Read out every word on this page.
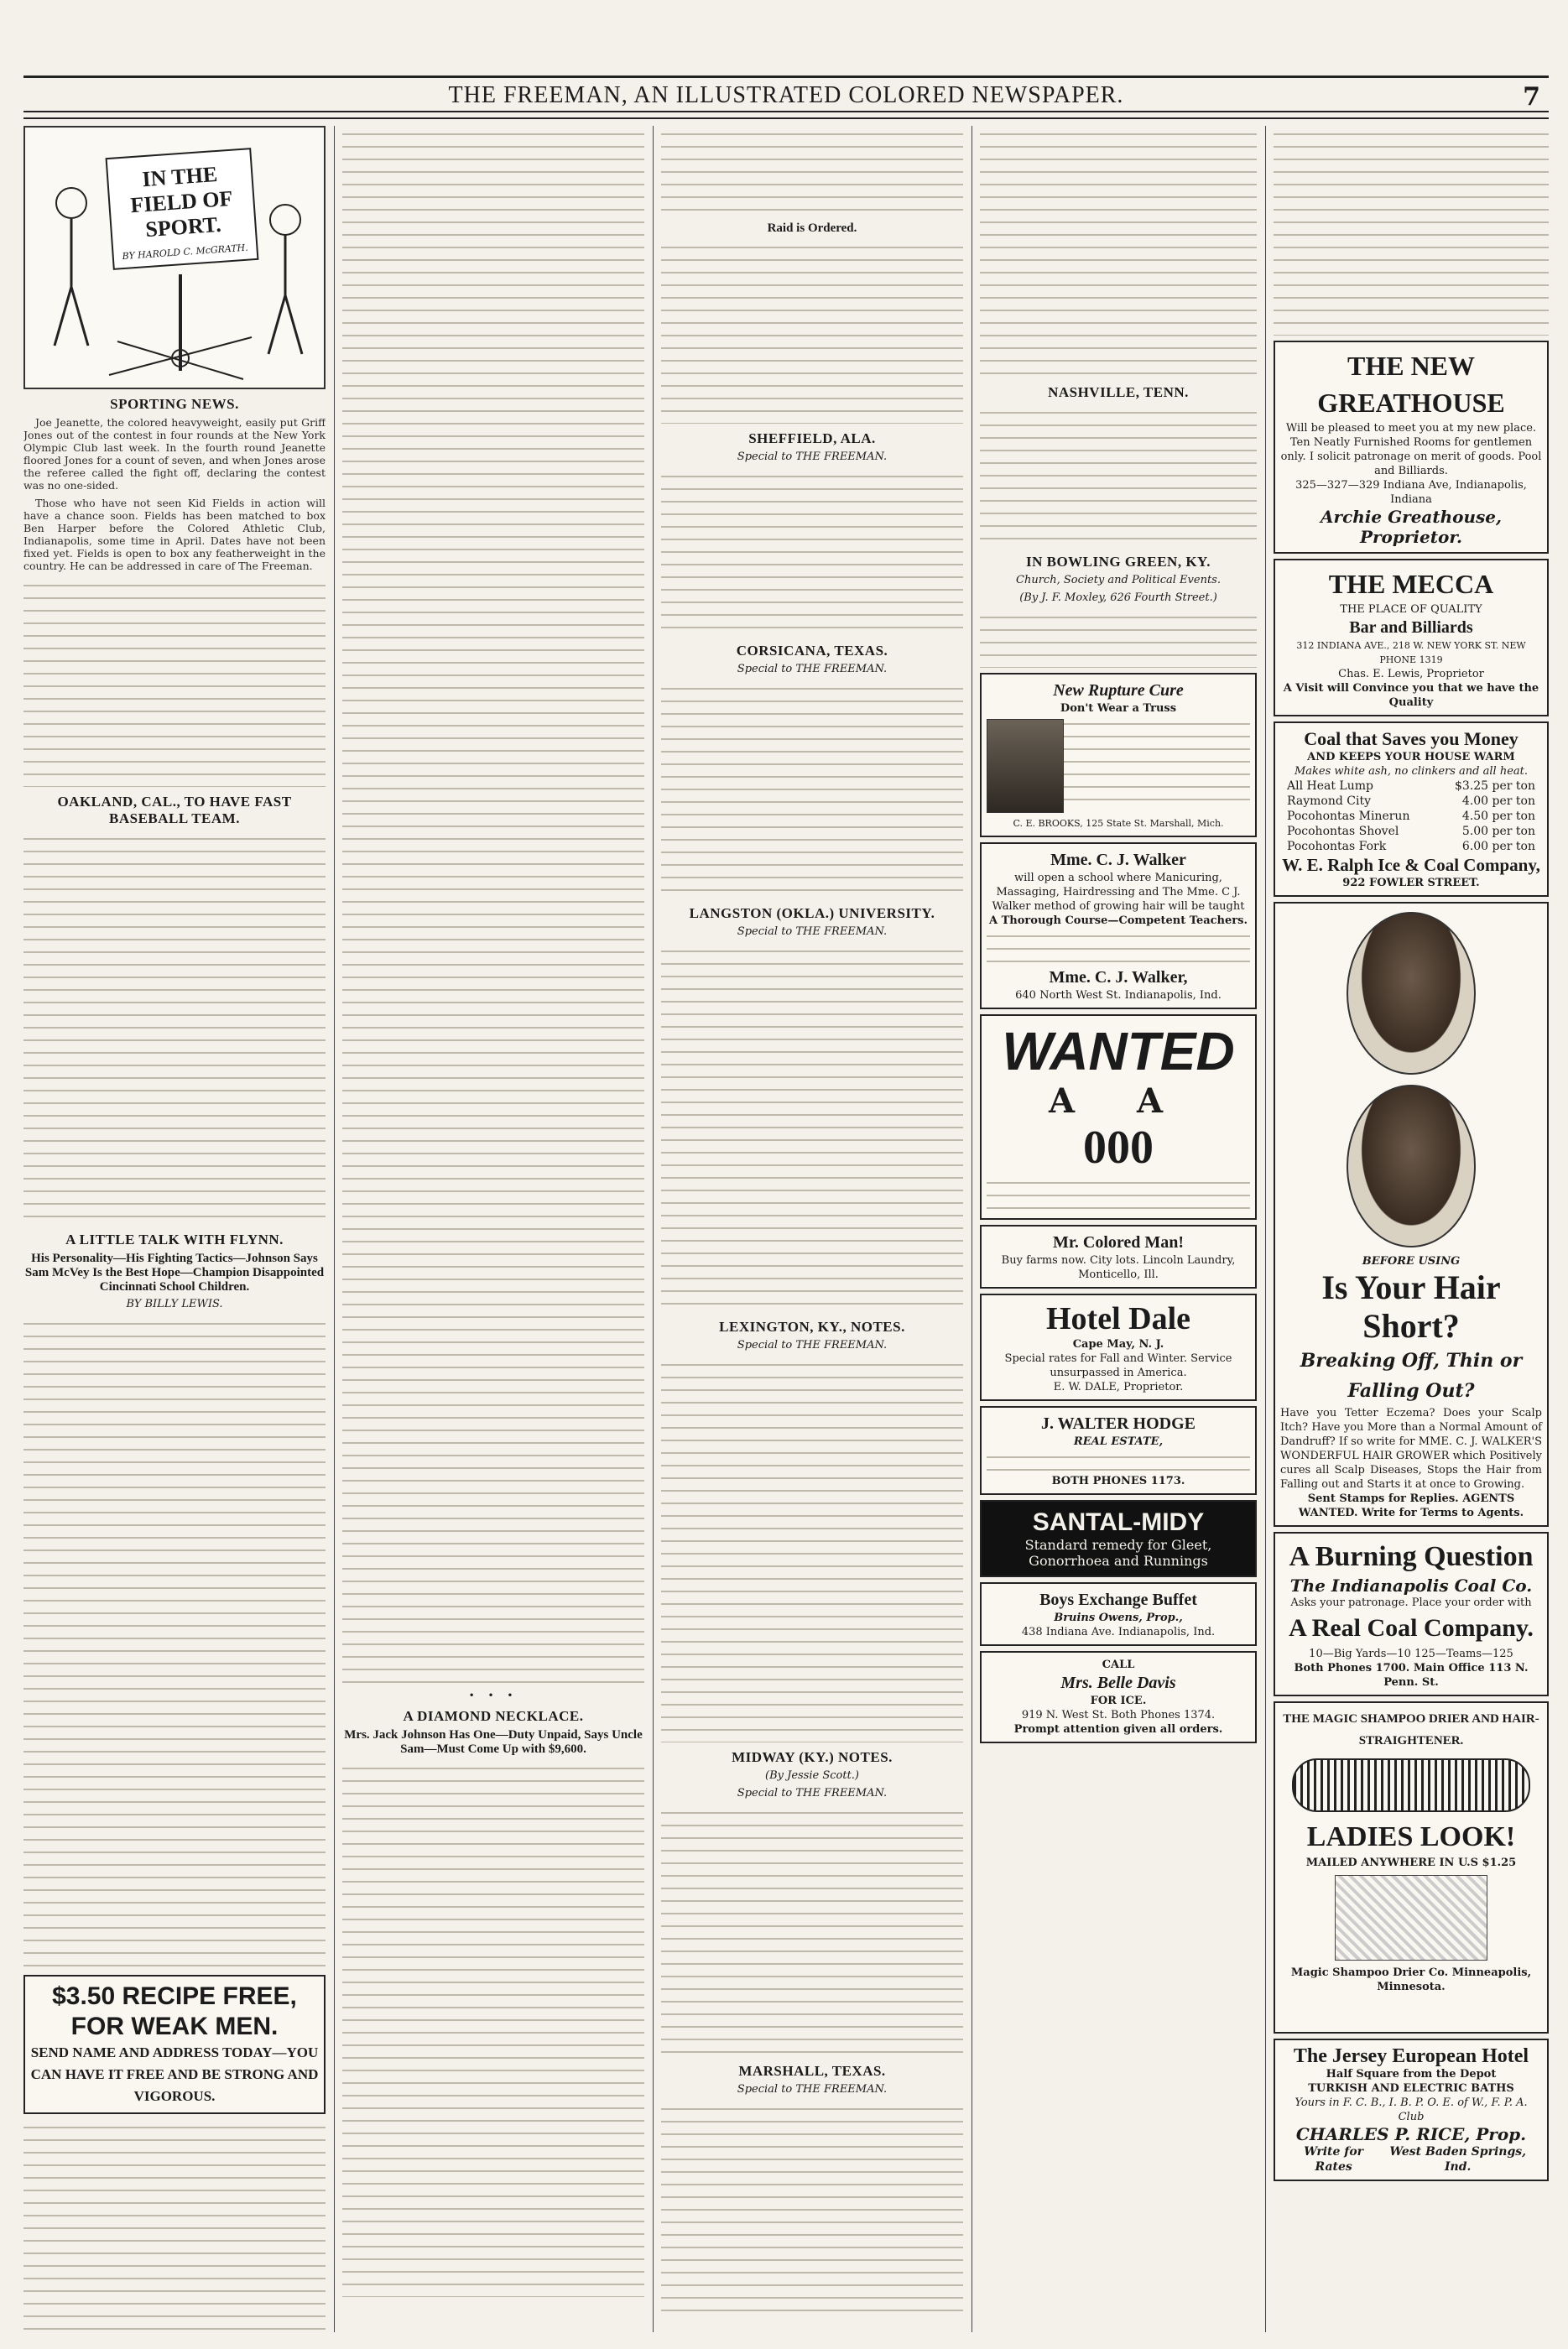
THE FREEMAN, AN ILLUSTRATED COLORED NEWSPAPER.	7
IN THE FIELD OF SPORT.
BY HAROLD C. McGRATH.
SPORTING NEWS.

Joe Jeanette, the colored heavyweight, easily put Griff Jones out of the contest in four rounds at the New York Olympic Club last week. In the fourth round Jeanette floored Jones for a count of seven, and when Jones arose the referee called the fight off, declaring the contest was no one-sided.

Those who have not seen Kid Fields in action will have a chance soon. Fields has been matched to box Ben Harper before the Colored Athletic Club, Indianapolis, some time in April. Dates have not been fixed yet. Fields is open to box any featherweight in the country. He can be addressed in care of The Freeman.

OAKLAND, CAL., TO HAVE FAST BASEBALL TEAM.
A LITTLE TALK WITH FLYNN.
His Personality—His Fighting Tactics—Johnson Says Sam McVey Is the Best Hope—Champion Disappointed Cincinnati School Children.
BY BILLY LEWIS.
$3.50 RECIPE FREE, FOR WEAK MEN.
SEND NAME AND ADDRESS TODAY—YOU CAN HAVE IT FREE AND BE STRONG AND VIGOROUS.
• • •
A DIAMOND NECKLACE.
Mrs. Jack Johnson Has One—Duty Unpaid, Says Uncle Sam—Must Come Up with $9,600.
Raid is Ordered.
SHEFFIELD, ALA.
Special to THE FREEMAN.
CORSICANA, TEXAS.
Special to THE FREEMAN.
LANGSTON (OKLA.) UNIVERSITY.
Special to THE FREEMAN.
LEXINGTON, KY., NOTES.
Special to THE FREEMAN.
MIDWAY (KY.) NOTES.
(By Jessie Scott.)
Special to THE FREEMAN.
MARSHALL, TEXAS.
Special to THE FREEMAN.
NASHVILLE, TENN.
IN BOWLING GREEN, KY.
Church, Society and Political Events.
(By J. F. Moxley, 626 Fourth Street.)
New Rupture Cure
Don't Wear a Truss
C. E. BROOKS, 125 State St. Marshall, Mich.
Mme. C. J. Walker
will open a school where Manicuring, Massaging, Hairdressing and The Mme. C J. Walker method of growing hair will be taught
A Thorough Course—Competent Teachers.
Mme. C. J. Walker,
640 North West St. Indianapolis, Ind.
WANTED
A A
000
Mr. Colored Man!
Buy farms now. City lots. Lincoln Laundry, Monticello, Ill.
Hotel Dale
Cape May, N. J.
Special rates for Fall and Winter. Service unsurpassed in America.
E. W. DALE, Proprietor.
J. WALTER HODGE
REAL ESTATE,
BOTH PHONES 1173.
SANTAL-MIDY
Standard remedy for Gleet, Gonorrhoea and Runnings
Boys Exchange Buffet
Bruins Owens, Prop.,
438 Indiana Ave. Indianapolis, Ind.
CALL
Mrs. Belle Davis
FOR ICE.
919 N. West St. Both Phones 1374.
Prompt attention given all orders.
THE NEW GREATHOUSE
Will be pleased to meet you at my new place. Ten Neatly Furnished Rooms for gentlemen only. I solicit patronage on merit of goods. Pool and Billiards.
325—327—329 Indiana Ave, Indianapolis, Indiana
Archie Greathouse, Proprietor.
THE MECCA
THE PLACE OF QUALITY
Bar and Billiards
312 INDIANA AVE., 218 W. NEW YORK ST. NEW PHONE 1319
Chas. E. Lewis, Proprietor
A Visit will Convince you that we have the Quality
Coal that Saves you Money
AND KEEPS YOUR HOUSE WARM
Makes white ash, no clinkers and all heat.
All Heat Lump	$3.25 per ton
Raymond City	4.00 per ton
Pocohontas Minerun	4.50 per ton
Pocohontas Shovel	5.00 per ton
Pocohontas Fork	6.00 per ton
W. E. Ralph Ice & Coal Company,
922 FOWLER STREET.

BEFORE USING
Is Your Hair Short?
Breaking Off, Thin or Falling Out?
Have you Tetter Eczema? Does your Scalp Itch? Have you More than a Normal Amount of Dandruff? If so write for MME. C. J. WALKER'S WONDERFUL HAIR GROWER which Positively cures all Scalp Diseases, Stops the Hair from Falling out and Starts it at once to Growing.
Sent Stamps for Replies. AGENTS WANTED. Write for Terms to Agents.
A Burning Question
The Indianapolis Coal Co.
Asks your patronage. Place your order with
A Real Coal Company.
10—Big Yards—10 125—Teams—125
Both Phones 1700. Main Office 113 N. Penn. St.
THE MAGIC SHAMPOO DRIER AND HAIR-STRAIGHTENER.
LADIES LOOK!
MAILED ANYWHERE IN U.S $1.25
Magic Shampoo Drier Co. Minneapolis, Minnesota.
The Jersey European Hotel
Half Square from the Depot
TURKISH AND ELECTRIC BATHS
Yours in F. C. B., I. B. P. O. E. of W., F. P. A. Club
CHARLES P. RICE, Prop.
Write for Rates
West Baden Springs, Ind.
